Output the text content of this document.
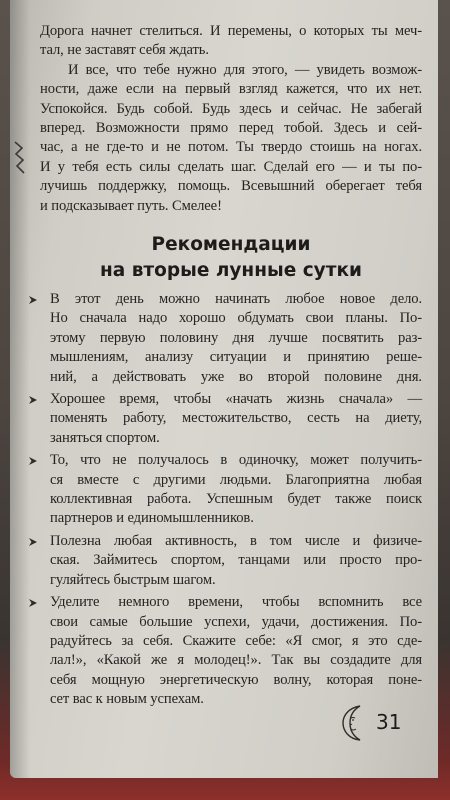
Дорога начнет стелиться. И перемены, о которых ты меч-
тал, не заставят себя ждать.
И все, что тебе нужно для этого, — увидеть возмож-
ности, даже если на первый взгляд кажется, что их нет.
Успокойся. Будь собой. Будь здесь и сейчас. Не забегай
вперед. Возможности прямо перед тобой. Здесь и сей-
час, а не где-то и не потом. Ты твердо стоишь на ногах.
И у тебя есть силы сделать шаг. Сделай его — и ты по-
лучишь поддержку, помощь. Всевышний оберегает тебя
и подсказывает путь. Смелее!
Рекомендации
на вторые лунные сутки
В этот день можно начинать любое новое дело.
Но сначала надо хорошо обдумать свои планы. По-
этому первую половину дня лучше посвятить раз-
мышлениям, анализу ситуации и принятию реше-
ний, а действовать уже во второй половине дня.
Хорошее время, чтобы «начать жизнь сначала» —
поменять работу, местожительство, сесть на диету,
заняться спортом.
То, что не получалось в одиночку, может получить-
ся вместе с другими людьми. Благоприятна любая
коллективная работа. Успешным будет также поиск
партнеров и единомышленников.
Полезна любая активность, в том числе и физиче-
ская. Займитесь спортом, танцами или просто про-
гуляйтесь быстрым шагом.
Уделите немного времени, чтобы вспомнить все
свои самые большие успехи, удачи, достижения. По-
радуйтесь за себя. Скажите себе: «Я смог, я это сде-
лал!», «Какой же я молодец!». Так вы создадите для
себя мощную энергетическую волну, которая понe-
сет вас к новым успехам.
31
